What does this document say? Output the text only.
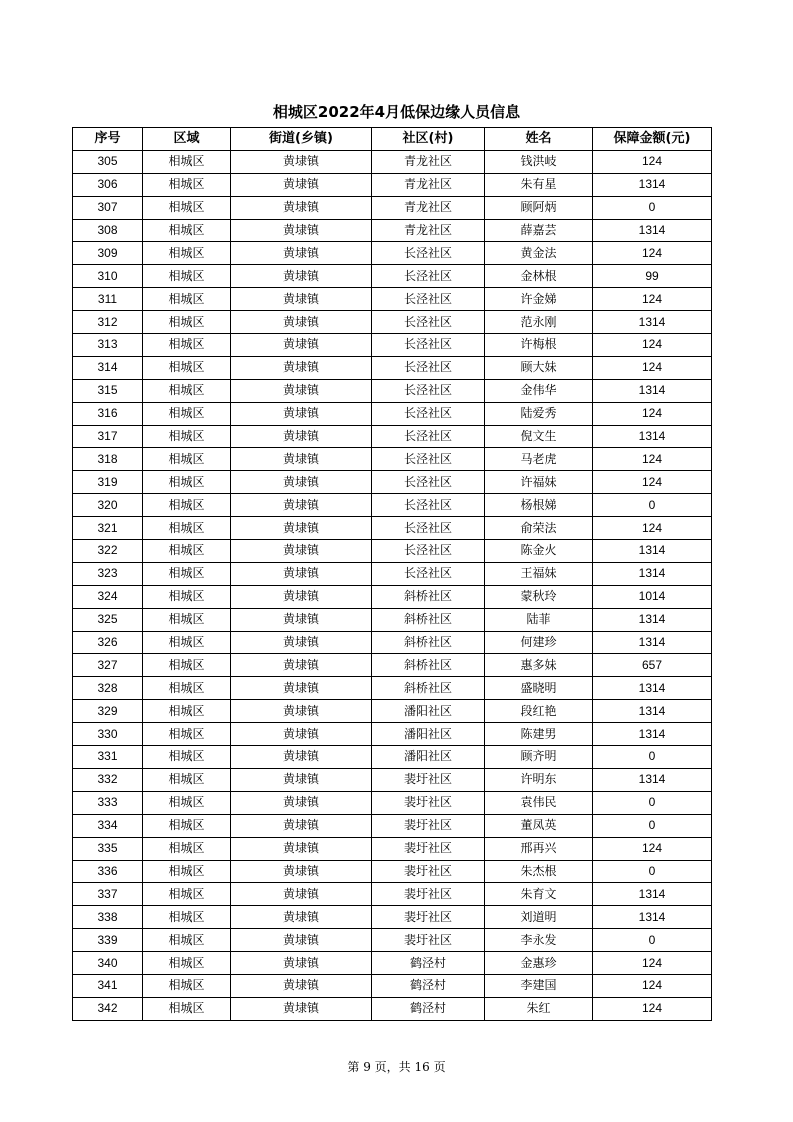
相城区2022年4月低保边缘人员信息
序号	区域	街道(乡镇)	社区(村)	姓名	保障金额(元)
305	相城区	黄埭镇	青龙社区	钱洪岐	124
306	相城区	黄埭镇	青龙社区	朱有星	1314
307	相城区	黄埭镇	青龙社区	顾阿炳	0
308	相城区	黄埭镇	青龙社区	薛嘉芸	1314
309	相城区	黄埭镇	长泾社区	黄金法	124
310	相城区	黄埭镇	长泾社区	金林根	99
311	相城区	黄埭镇	长泾社区	许金娣	124
312	相城区	黄埭镇	长泾社区	范永刚	1314
313	相城区	黄埭镇	长泾社区	许梅根	124
314	相城区	黄埭镇	长泾社区	顾大妹	124
315	相城区	黄埭镇	长泾社区	金伟华	1314
316	相城区	黄埭镇	长泾社区	陆爱秀	124
317	相城区	黄埭镇	长泾社区	倪文生	1314
318	相城区	黄埭镇	长泾社区	马老虎	124
319	相城区	黄埭镇	长泾社区	许福妹	124
320	相城区	黄埭镇	长泾社区	杨根娣	0
321	相城区	黄埭镇	长泾社区	俞荣法	124
322	相城区	黄埭镇	长泾社区	陈金火	1314
323	相城区	黄埭镇	长泾社区	王福妹	1314
324	相城区	黄埭镇	斜桥社区	蒙秋玲	1014
325	相城区	黄埭镇	斜桥社区	陆菲	1314
326	相城区	黄埭镇	斜桥社区	何建珍	1314
327	相城区	黄埭镇	斜桥社区	惠多妹	657
328	相城区	黄埭镇	斜桥社区	盛晓明	1314
329	相城区	黄埭镇	潘阳社区	段红艳	1314
330	相城区	黄埭镇	潘阳社区	陈建男	1314
331	相城区	黄埭镇	潘阳社区	顾齐明	0
332	相城区	黄埭镇	裴圩社区	许明东	1314
333	相城区	黄埭镇	裴圩社区	袁伟民	0
334	相城区	黄埭镇	裴圩社区	董凤英	0
335	相城区	黄埭镇	裴圩社区	邢再兴	124
336	相城区	黄埭镇	裴圩社区	朱杰根	0
337	相城区	黄埭镇	裴圩社区	朱育文	1314
338	相城区	黄埭镇	裴圩社区	刘道明	1314
339	相城区	黄埭镇	裴圩社区	李永发	0
340	相城区	黄埭镇	鹤泾村	金惠珍	124
341	相城区	黄埭镇	鹤泾村	李建国	124
342	相城区	黄埭镇	鹤泾村	朱红	124
第 9 页，共 16 页
